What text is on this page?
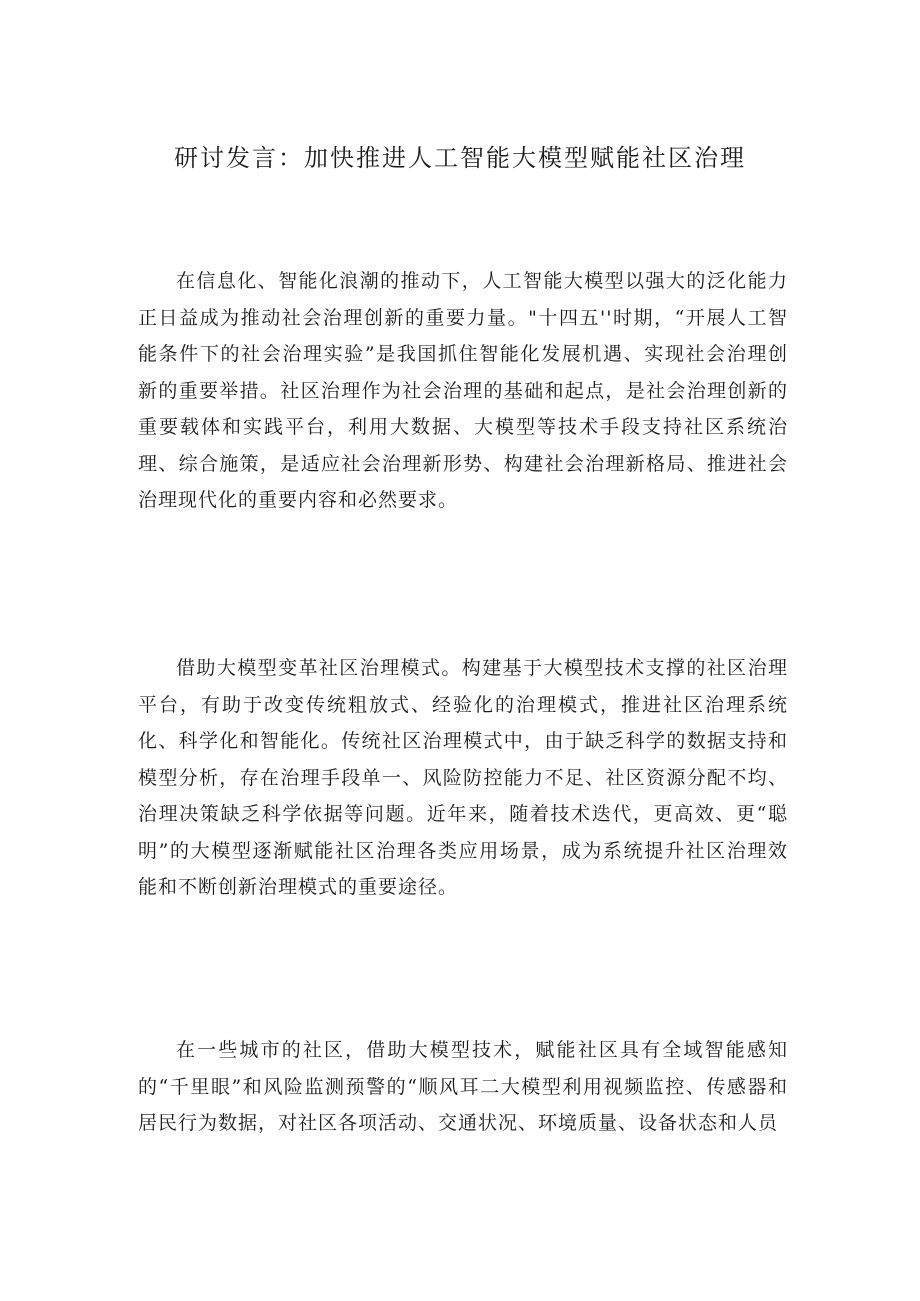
研讨发言：加快推进人工智能大模型赋能社区治理

在信息化、智能化浪潮的推动下，人工智能大模型以强大的泛化能力正日益成为推动社会治理创新的重要力量。"十四五''时期，“开展人工智能条件下的社会治理实验”是我国抓住智能化发展机遇、实现社会治理创新的重要举措。社区治理作为社会治理的基础和起点，是社会治理创新的重要载体和实践平台，利用大数据、大模型等技术手段支持社区系统治理、综合施策，是适应社会治理新形势、构建社会治理新格局、推进社会治理现代化的重要内容和必然要求。

借助大模型变革社区治理模式。构建基于大模型技术支撑的社区治理平台，有助于改变传统粗放式、经验化的治理模式，推进社区治理系统化、科学化和智能化。传统社区治理模式中，由于缺乏科学的数据支持和模型分析，存在治理手段单一、风险防控能力不足、社区资源分配不均、治理决策缺乏科学依据等问题。近年来，随着技术迭代，更高效、更“聪明”的大模型逐渐赋能社区治理各类应用场景，成为系统提升社区治理效能和不断创新治理模式的重要途径。

在一些城市的社区，借助大模型技术，赋能社区具有全域智能感知的“千里眼”和风险监测预警的“顺风耳二大模型利用视频监控、传感器和居民行为数据，对社区各项活动、交通状况、环境质量、设备状态和人员
